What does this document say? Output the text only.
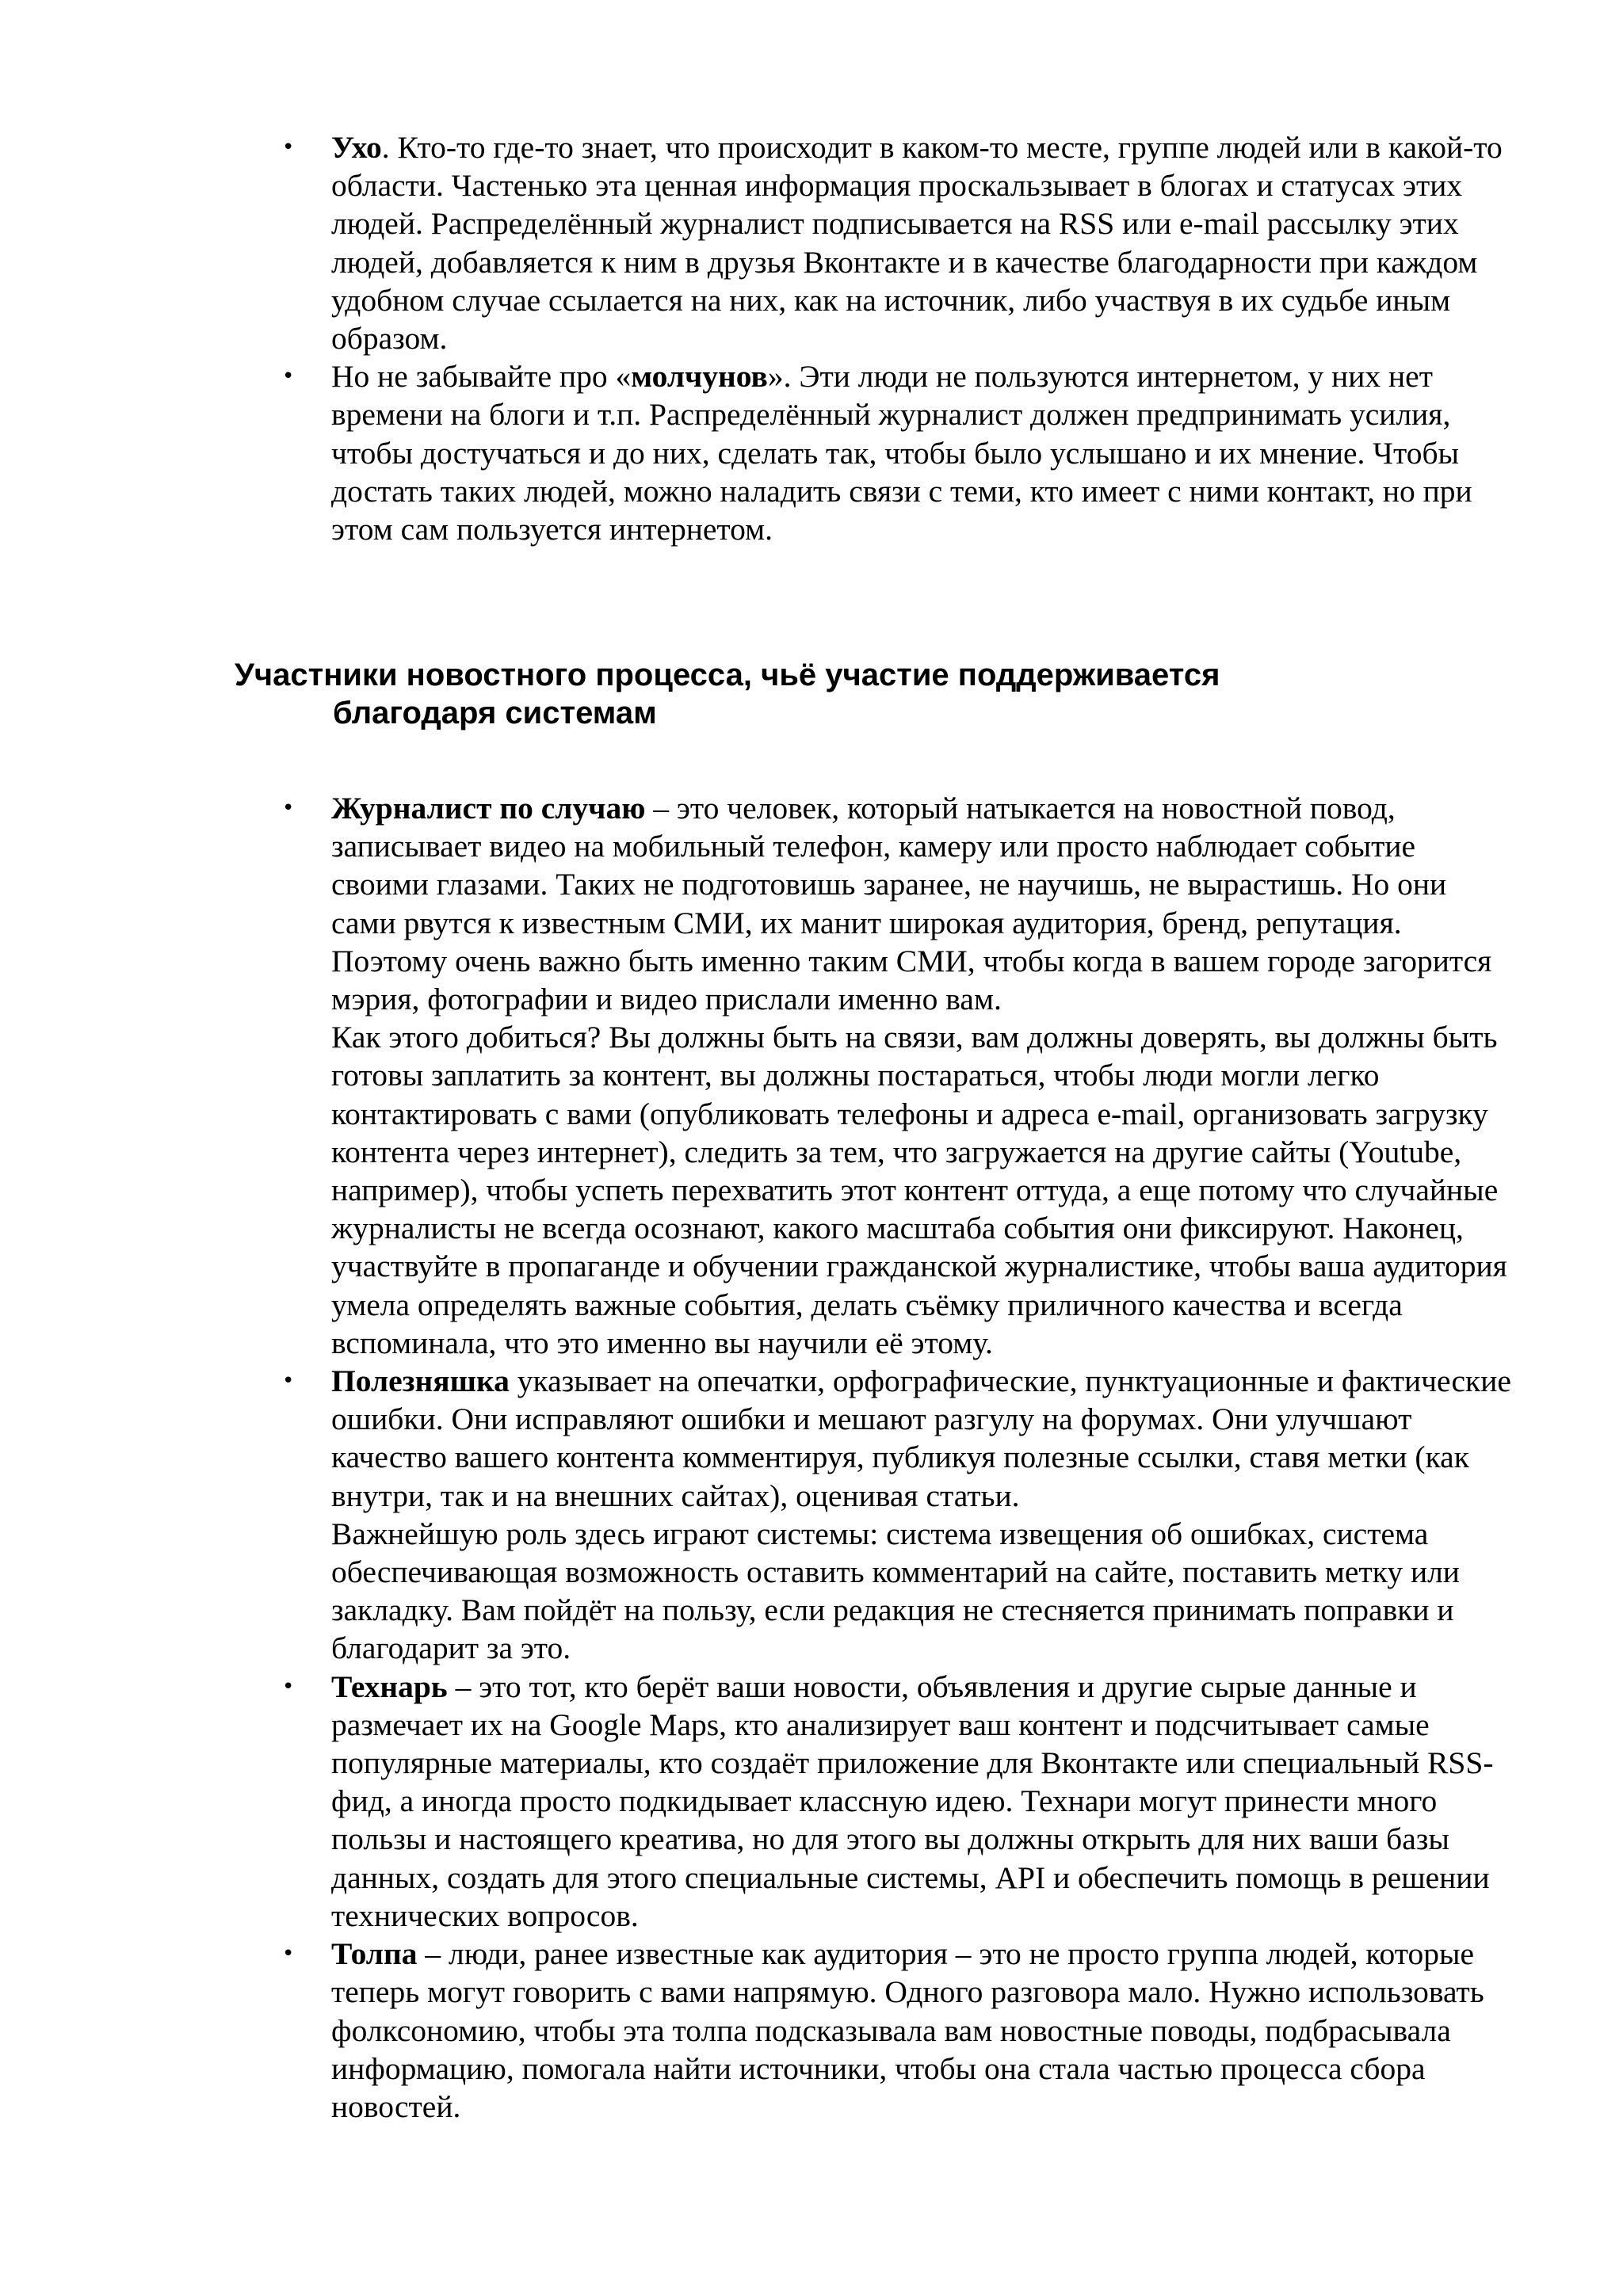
•	Ухо. Кто-то где-то знает, что происходит в каком-то месте, группе людей или в какой-то области. Частенько эта ценная информация проскальзывает в блогах и статусах этих людей. Распределённый журналист подписывается на RSS или e-mail рассылку этих людей, добавляется к ним в друзья Вконтакте и в качестве благодарности при каждом удобном случае ссылается на них, как на источник, либо участвуя в их судьбе иным образом.
•	Но не забывайте про «молчунов». Эти люди не пользуются интернетом, у них нет времени на блоги и т.п. Распределённый журналист должен предпринимать усилия, чтобы достучаться и до них, сделать так, чтобы было услышано и их мнение. Чтобы достать таких людей, можно наладить связи с теми, кто имеет с ними контакт, но при этом сам пользуется интернетом.
Участники новостного процесса, чьё участие поддерживается
благодаря системам
•	Журналист по случаю – это человек, который натыкается на новостной повод, записывает видео на мобильный телефон, камеру или просто наблюдает событие своими глазами. Таких не подготовишь заранее, не научишь, не вырастишь. Но они сами рвутся к известным СМИ, их манит широкая аудитория, бренд, репутация. Поэтому очень важно быть именно таким СМИ, чтобы когда в вашем городе загорится мэрия, фотографии и видео прислали именно вам.
Как этого добиться? Вы должны быть на связи, вам должны доверять, вы должны быть готовы заплатить за контент, вы должны постараться, чтобы люди могли легко контактировать с вами (опубликовать телефоны и адреса e-mail, организовать загрузку контента через интернет), следить за тем, что загружается на другие сайты (Youtube, например), чтобы успеть перехватить этот контент оттуда, а еще потому что случайные журналисты не всегда осознают, какого масштаба события они фиксируют. Наконец, участвуйте в пропаганде и обучении гражданской журналистике, чтобы ваша аудитория умела определять важные события, делать съёмку приличного качества и всегда вспоминала, что это именно вы научили её этому.
•	Полезняшка указывает на опечатки, орфографические, пунктуационные и фактические ошибки. Они исправляют ошибки и мешают разгулу на форумах. Они улучшают качество вашего контента комментируя, публикуя полезные ссылки, ставя метки (как внутри, так и на внешних сайтах), оценивая статьи.
Важнейшую роль здесь играют системы: система извещения об ошибках, система обеспечивающая возможность оставить комментарий на сайте, поставить метку или закладку. Вам пойдёт на пользу, если редакция не стесняется принимать поправки и благодарит за это.
•	Технарь – это тот, кто берёт ваши новости, объявления и другие сырые данные и размечает их на Google Maps, кто анализирует ваш контент и подсчитывает самые популярные материалы, кто создаёт приложение для Вконтакте или специальный RSS-фид, а иногда просто подкидывает классную идею. Технари могут принести много пользы и настоящего креатива, но для этого вы должны открыть для них ваши базы данных, создать для этого специальные системы, API и обеспечить помощь в решении технических вопросов.
•	Толпа – люди, ранее известные как аудитория – это не просто группа людей, которые теперь могут говорить с вами напрямую. Одного разговора мало. Нужно использовать фолксономию, чтобы эта толпа подсказывала вам новостные поводы, подбрасывала информацию, помогала найти источники, чтобы она стала частью процесса сбора новостей.
